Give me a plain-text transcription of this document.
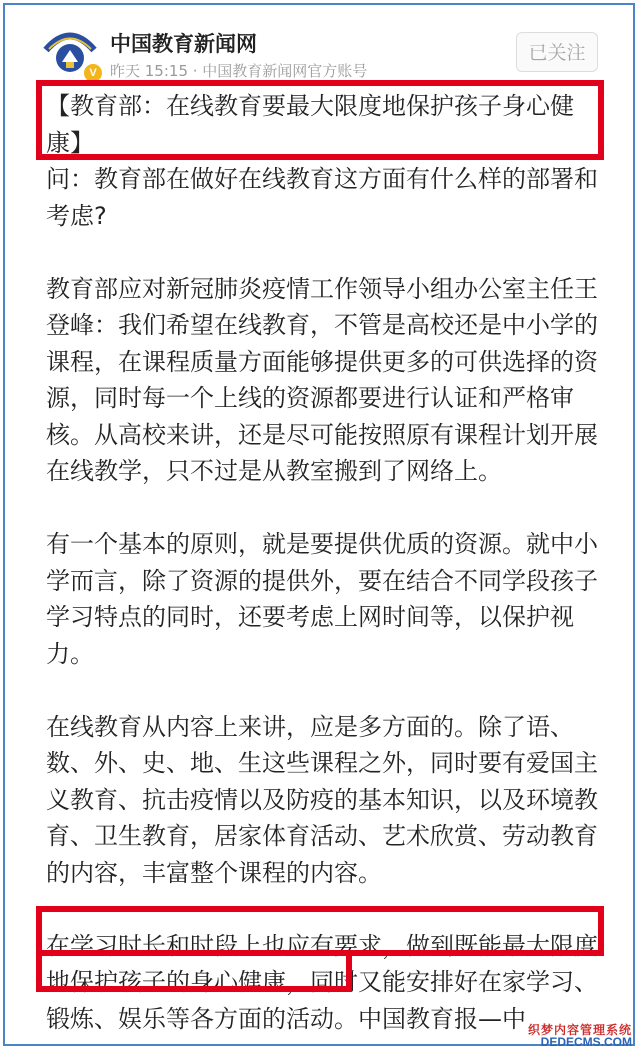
V
中国教育新闻网
昨天 15:15 · 中国教育新闻网官方账号
已关注

【教育部：在线教育要最大限度地保护孩子身心健康】

问：教育部在做好在线教育这方面有什么样的部署和考虑?

教育部应对新冠肺炎疫情工作领导小组办公室主任王登峰：我们希望在线教育，不管是高校还是中小学的课程，在课程质量方面能够提供更多的可供选择的资源，同时每一个上线的资源都要进行认证和严格审核。从高校来讲，还是尽可能按照原有课程计划开展在线教学，只不过是从教室搬到了网络上。

有一个基本的原则，就是要提供优质的资源。就中小学而言，除了资源的提供外，要在结合不同学段孩子学习特点的同时，还要考虑上网时间等，以保护视力。

在线教育从内容上来讲，应是多方面的。除了语、数、外、史、地、生这些课程之外，同时要有爱国主义教育、抗击疫情以及防疫的基本知识，以及环境教育、卫生教育，居家体育活动、艺术欣赏、劳动教育的内容，丰富整个课程的内容。

在学习时长和时段上也应有要求，做到既能最大限度地保护孩子的身心健康，同时又能安排好在家学习、锻炼、娱乐等各方面的活动。中国教育报—中 织梦内容管理系统
DEDECMS.COM
